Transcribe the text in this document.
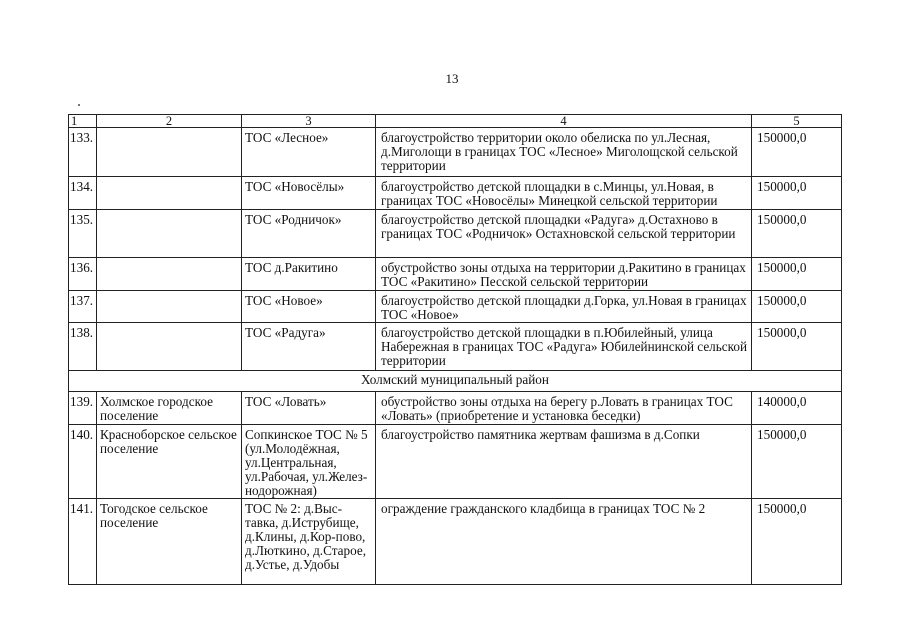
13
1	2	3	4	5
133.		ТОС «Лесное»	благоустройство территории около обелиска по ул.Лесная, д.Миголощи в границах ТОС «Лесное» Миголощской сельской территории	150000,0
134.		ТОС «Новосёлы»	благоустройство детской площадки в с.Минцы, ул.Новая, в границах ТОС «Новосёлы» Минецкой сельской территории	150000,0
135.		ТОС «Родничок»	благоустройство детской площадки «Радуга» д.Остахново в границах ТОС «Родничок» Остахновской сельской территории	150000,0
136.		ТОС д.Ракитино	обустройство зоны отдыха на территории д.Ракитино в границах ТОС «Ракитино» Песской сельской территории	150000,0
137.		ТОС «Новое»	благоустройство детской площадки д.Горка, ул.Новая в границах ТОС «Новое»	150000,0
138.		ТОС «Радуга»	благоустройство детской площадки в п.Юбилейный, улица Набережная в границах ТОС «Радуга» Юбилейнинской сельской территории	150000,0
Холмский муниципальный район				
139.	Холмское городское поселение	ТОС «Ловать»	обустройство зоны отдыха на берегу р.Ловать в границах ТОС «Ловать» (приобретение и установка беседки)	140000,0
140.	Красноборское сельское поселение	Сопкинское ТОС № 5 (ул.Молодёжная, ул.Центральная, ул.Рабочая, ул.Желез-нодорожная)	благоустройство памятника жертвам фашизма в д.Сопки	150000,0
141.	Тогодское сельское поселение	ТОС № 2: д.Выс-тавка, д.Иструбище, д.Клины, д.Кор-пово, д.Люткино, д.Старое, д.Устье, д.Удобы	ограждение гражданского кладбища в границах ТОС № 2	150000,0
